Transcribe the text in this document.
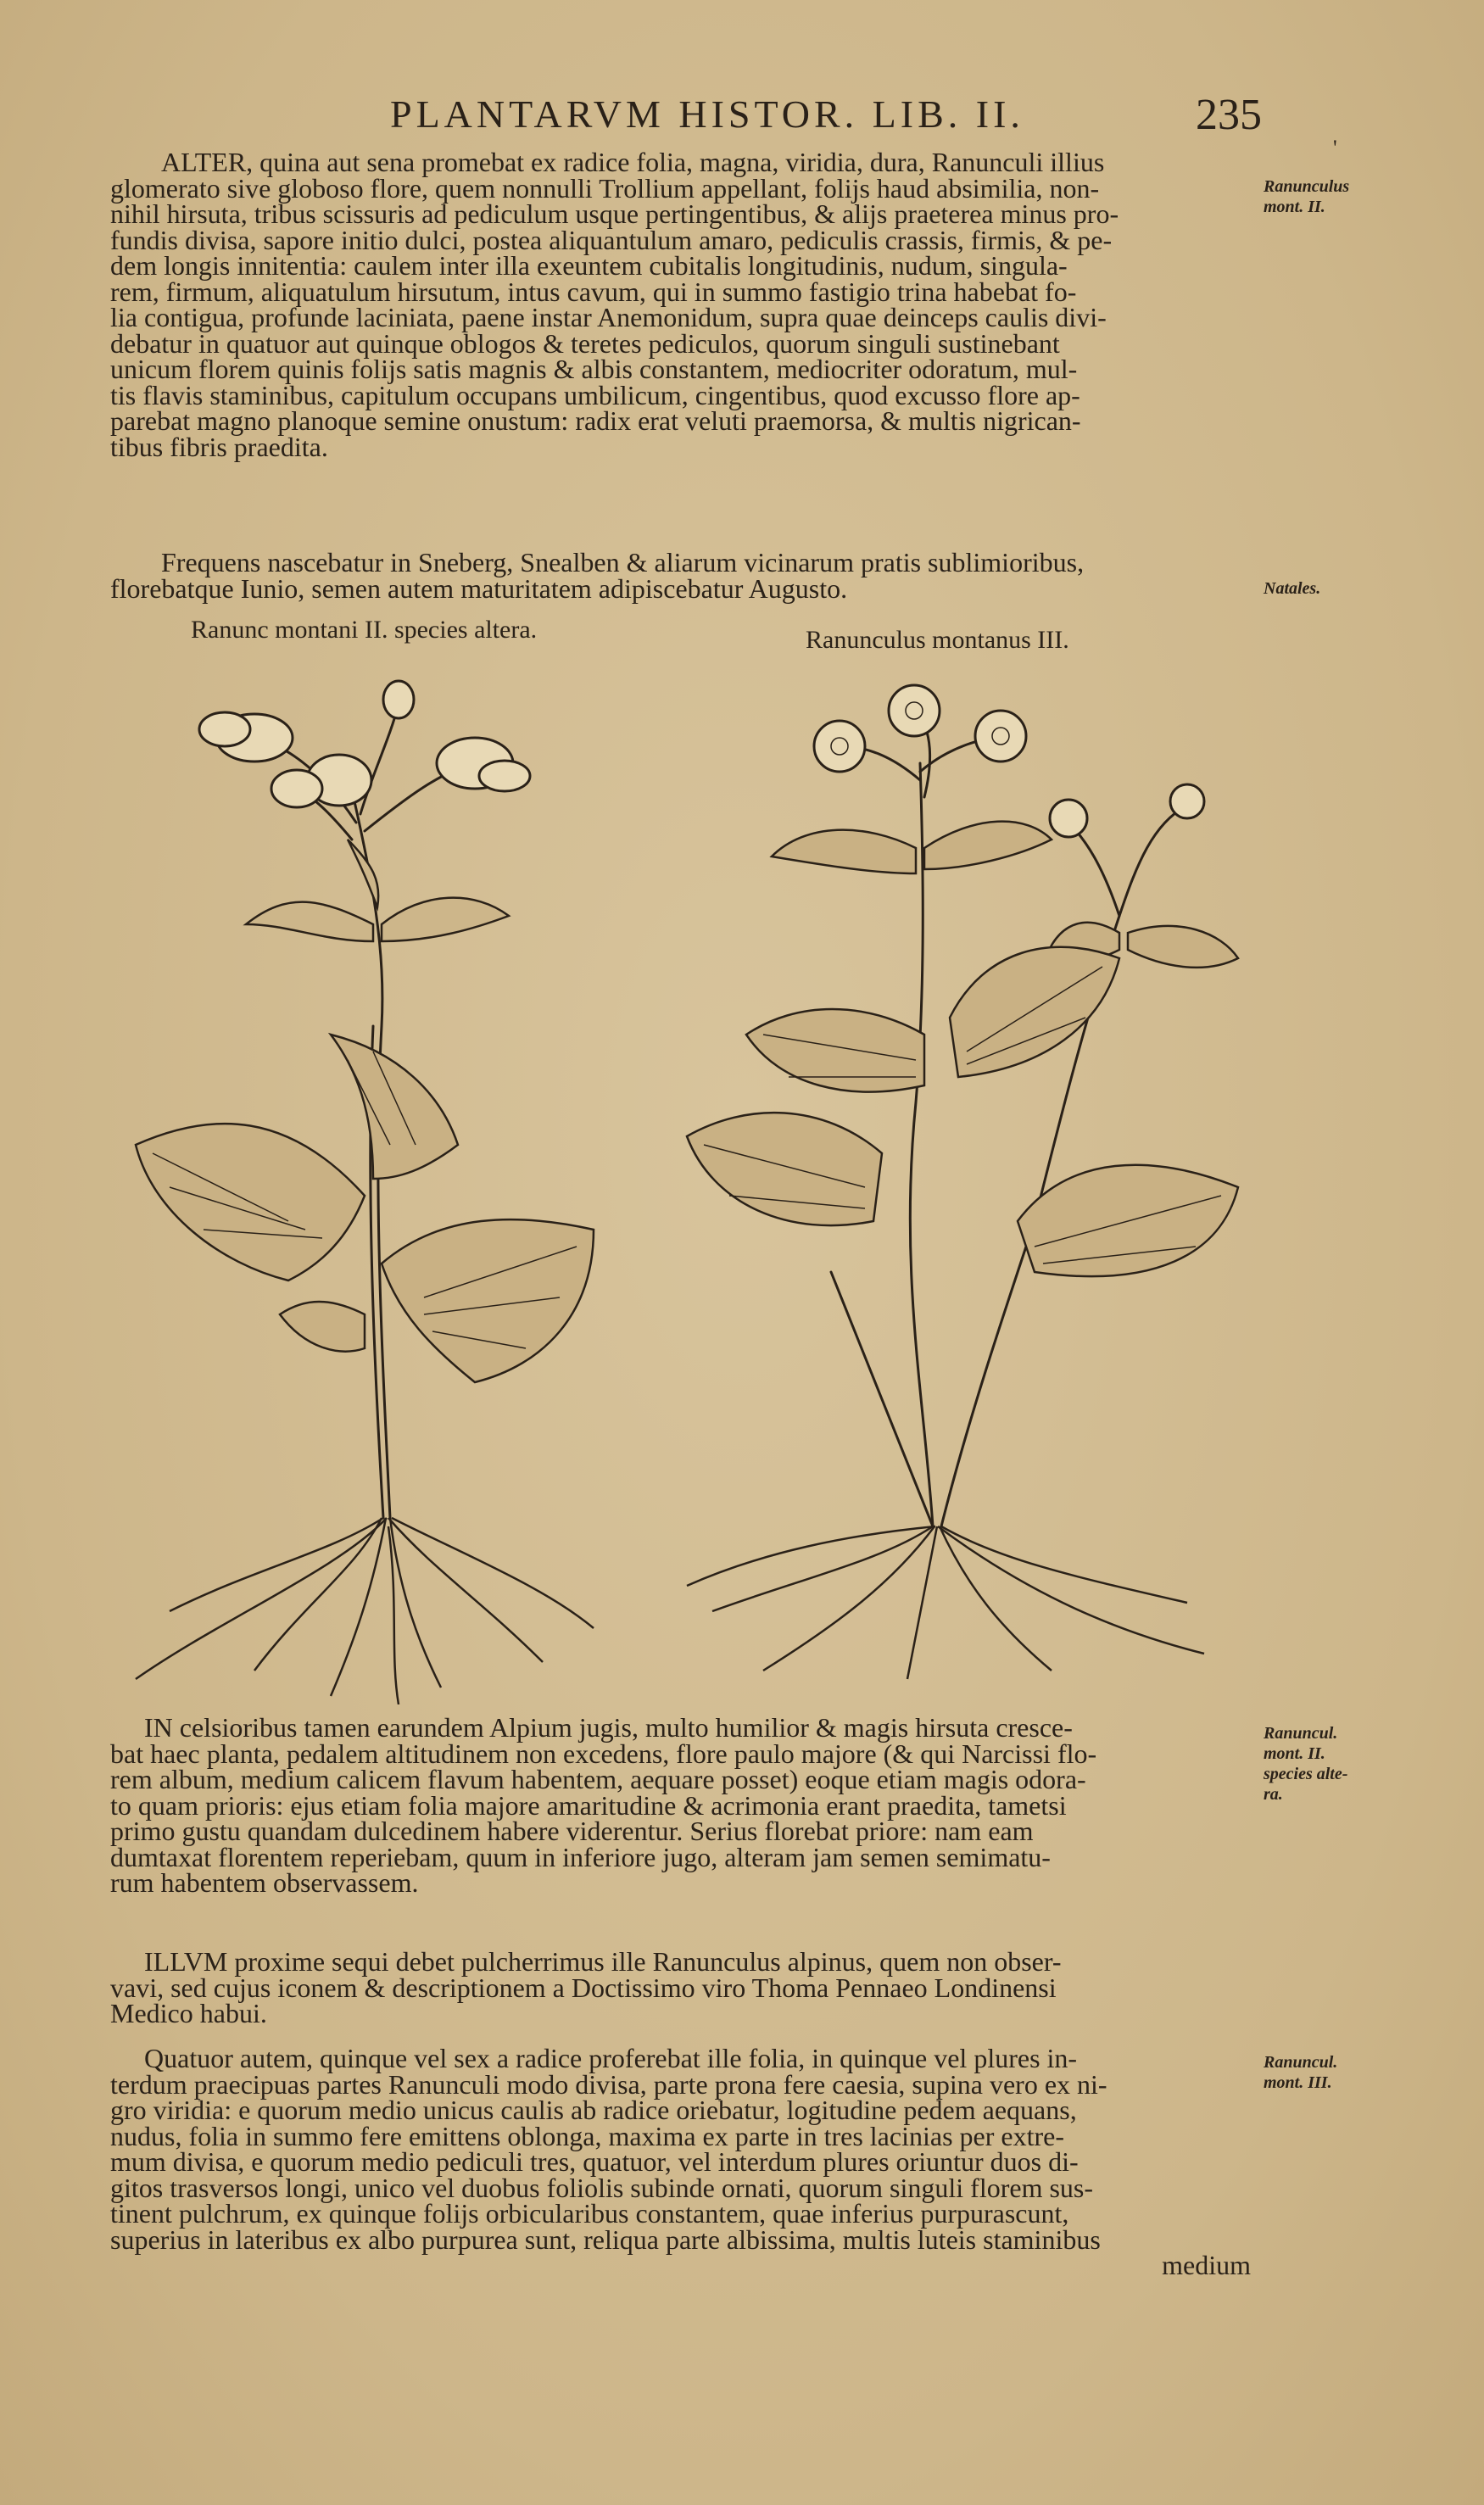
PLANTARVM HISTOR. LIB. II.	235
'
ALTER, quina aut sena promebat ex radice folia, magna, viridia, dura, Ranunculi illius
glomerato sive globoso flore, quem nonnulli Trollium appellant, folijs haud absimilia, non-
nihil hirsuta, tribus scissuris ad pediculum usque pertingentibus, & alijs praeterea minus pro-
fundis divisa, sapore initio dulci, postea aliquantulum amaro, pediculis crassis, firmis, & pe-
dem longis innitentia: caulem inter illa exeuntem cubitalis longitudinis, nudum, singula-
rem, firmum, aliquatulum hirsutum, intus cavum, qui in summo fastigio trina habebat fo-
lia contigua, profunde laciniata, paene instar Anemonidum, supra quae deinceps caulis divi-
debatur in quatuor aut quinque oblogos & teretes pediculos, quorum singuli sustinebant
unicum florem quinis folijs satis magnis & albis constantem, mediocriter odoratum, mul-
tis flavis staminibus, capitulum occupans umbilicum, cingentibus, quod excusso flore ap-
parebat magno planoque semine onustum: radix erat veluti praemorsa, & multis nigrican-
tibus fibris praedita.
Frequens nascebatur in Sneberg, Snealben & aliarum vicinarum pratis sublimioribus,
florebatque Iunio, semen autem maturitatem adipiscebatur Augusto.
Ranunc montani II. species altera.	Ranunculus montanus III.
IN celsioribus tamen earundem Alpium jugis, multo humilior & magis hirsuta cresce-
bat haec planta, pedalem altitudinem non excedens, flore paulo majore (& qui Narcissi flo-
rem album, medium calicem flavum habentem, aequare posset) eoque etiam magis odora-
to quam prioris: ejus etiam folia majore amaritudine & acrimonia erant praedita, tametsi
primo gustu quandam dulcedinem habere viderentur. Serius florebat priore: nam eam
dumtaxat florentem reperiebam, quum in inferiore jugo, alteram jam semen semimatu-
rum habentem observassem.
ILLVM proxime sequi debet pulcherrimus ille Ranunculus alpinus, quem non obser-
vavi, sed cujus iconem & descriptionem a Doctissimo viro Thoma Pennaeo Londinensi
Medico habui.
Quatuor autem, quinque vel sex a radice proferebat ille folia, in quinque vel plures in-
terdum praecipuas partes Ranunculi modo divisa, parte prona fere caesia, supina vero ex ni-
gro viridia: e quorum medio unicus caulis ab radice oriebatur, logitudine pedem aequans,
nudus, folia in summo fere emittens oblonga, maxima ex parte in tres lacinias per extre-
mum divisa, e quorum medio pediculi tres, quatuor, vel interdum plures oriuntur duos di-
gitos trasversos longi, unico vel duobus foliolis subinde ornati, quorum singuli florem sus-
tinent pulchrum, ex quinque folijs orbicularibus constantem, quae inferius purpurascunt,
superius in lateribus ex albo purpurea sunt, reliqua parte albissima, multis luteis staminibus
medium
Ranunculus
mont. II.
Natales.
Ranuncul.
mont. II.
species alte-
ra.
Ranuncul.
mont. III.
